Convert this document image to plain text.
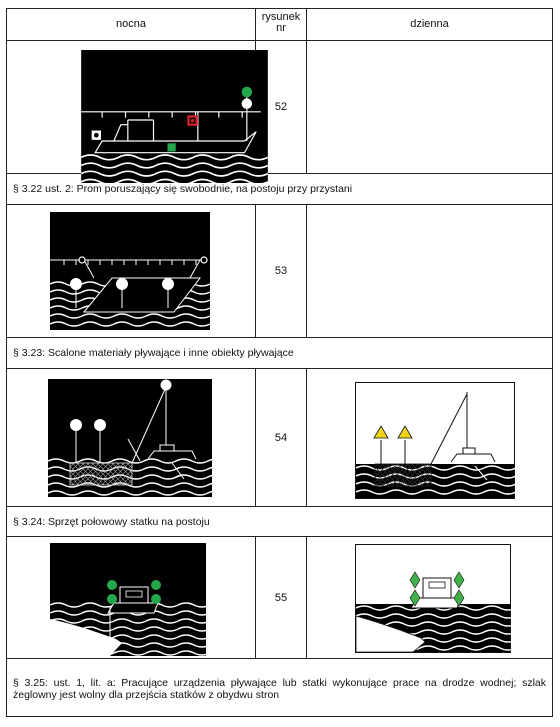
nocna
rysunek nr	dzienna
52
§ 3.22 ust. 2: Prom poruszający się swobodnie, na postoju przy przystani
53
§ 3.23: Scalone materiały pływające i inne obiekty pływające
54
§ 3.24: Sprzęt połowowy statku na postoju
55
§ 3.25: ust. 1, lit. a: Pracujące urządzenia pływające lub statki wykonujące prace na drodze wodnej; szlak żeglowny jest wolny dla przejścia statków z obydwu stron
